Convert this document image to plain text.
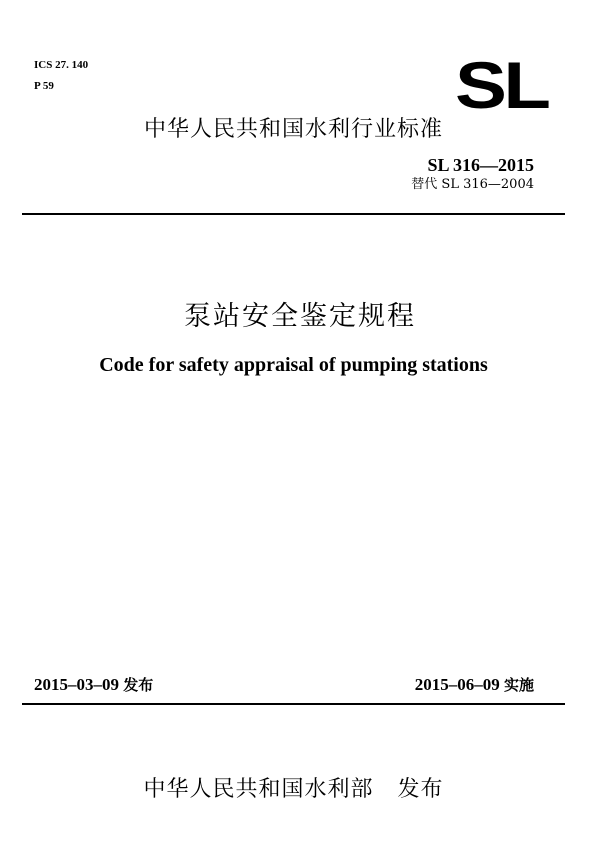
ICS 27. 140
P 59	SL
中华人民共和国水利行业标准
SL 316—2015
替代 SL 316—2004
泵站安全鉴定规程
Code for safety appraisal of pumping stations
2015–03–09 发布	2015–06–09 实施
中华人民共和国水利部 发布
